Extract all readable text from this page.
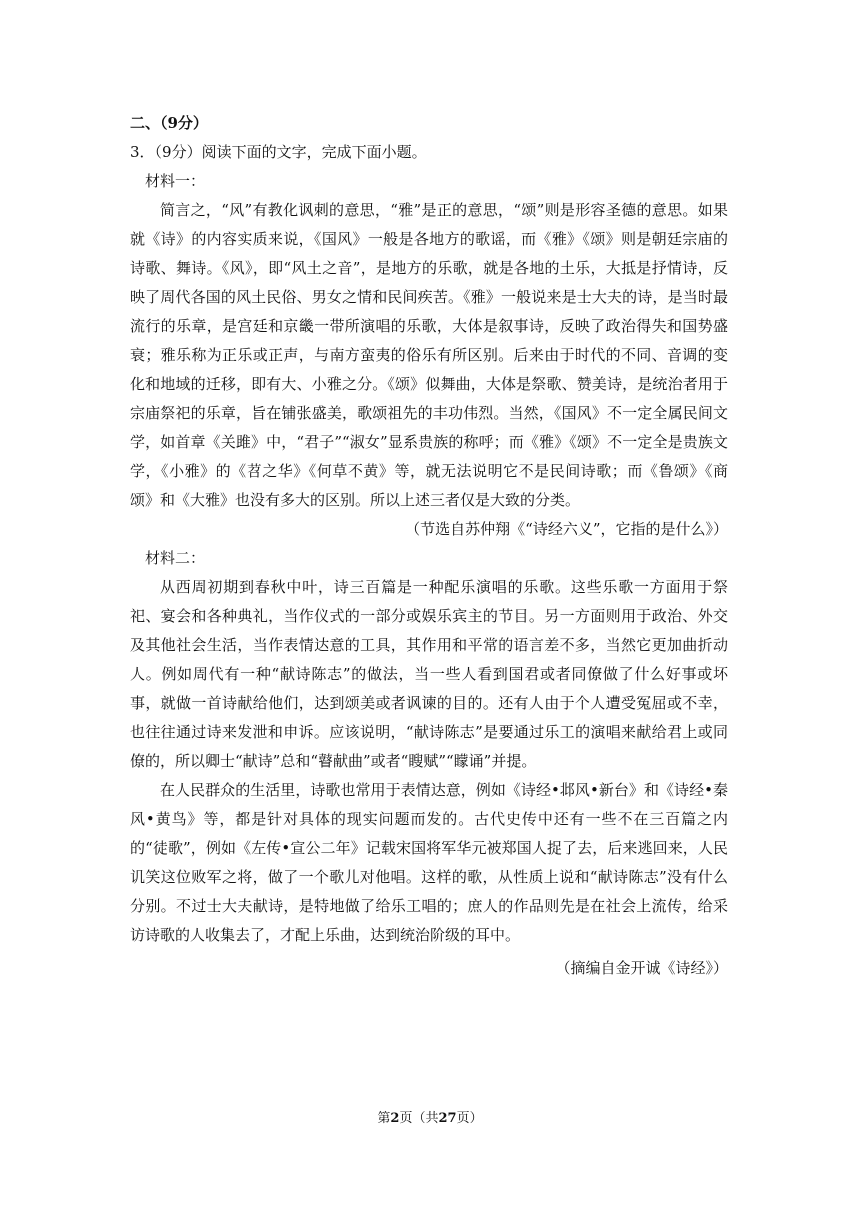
二、（9分）

3．（9分）阅读下面的文字，完成下面小题。

材料一：

简言之，“风”有教化讽刺的意思，“雅”是正的意思，“颂”则是形容圣德的意思。如果就《诗》的内容实质来说，《国风》一般是各地方的歌谣，而《雅》《颂》则是朝廷宗庙的诗歌、舞诗。《风》，即“风土之音”，是地方的乐歌，就是各地的土乐，大抵是抒情诗，反映了周代各国的风土民俗、男女之情和民间疾苦。《雅》一般说来是士大夫的诗，是当时最流行的乐章，是宫廷和京畿一带所演唱的乐歌，大体是叙事诗，反映了政治得失和国势盛衰；雅乐称为正乐或正声，与南方蛮夷的俗乐有所区别。后来由于时代的不同、音调的变化和地域的迁移，即有大、小雅之分。《颂》似舞曲，大体是祭歌、赞美诗，是统治者用于宗庙祭祀的乐章，旨在铺张盛美，歌颂祖先的丰功伟烈。当然，《国风》不一定全属民间文学，如首章《关雎》中，“君子”“淑女”显系贵族的称呼；而《雅》《颂》不一定全是贵族文学，《小雅》的《苕之华》《何草不黄》等，就无法说明它不是民间诗歌；而《鲁颂》《商颂》和《大雅》也没有多大的区别。所以上述三者仅是大致的分类。

（节选自苏仲翔《“诗经六义”，它指的是什么》）

材料二：

从西周初期到春秋中叶，诗三百篇是一种配乐演唱的乐歌。这些乐歌一方面用于祭祀、宴会和各种典礼，当作仪式的一部分或娱乐宾主的节目。另一方面则用于政治、外交及其他社会生活，当作表情达意的工具，其作用和平常的语言差不多，当然它更加曲折动人。例如周代有一种“献诗陈志”的做法，当一些人看到国君或者同僚做了什么好事或坏事，就做一首诗献给他们，达到颂美或者讽谏的目的。还有人由于个人遭受冤屈或不幸，也往往通过诗来发泄和申诉。应该说明，“献诗陈志”是要通过乐工的演唱来献给君上或同僚的，所以卿士“献诗”总和“瞽献曲”或者“瞍赋”“矇诵”并提。

在人民群众的生活里，诗歌也常用于表情达意，例如《诗经•邶风•新台》和《诗经•秦风•黄鸟》等，都是针对具体的现实问题而发的。古代史传中还有一些不在三百篇之内的“徒歌”，例如《左传•宣公二年》记载宋国将军华元被郑国人捉了去，后来逃回来，人民讥笑这位败军之将，做了一个歌儿对他唱。这样的歌，从性质上说和“献诗陈志”没有什么分别。不过士大夫献诗，是特地做了给乐工唱的；庶人的作品则先是在社会上流传，给采访诗歌的人收集去了，才配上乐曲，达到统治阶级的耳中。

（摘编自金开诚《诗经》）

第2页（共27页）
